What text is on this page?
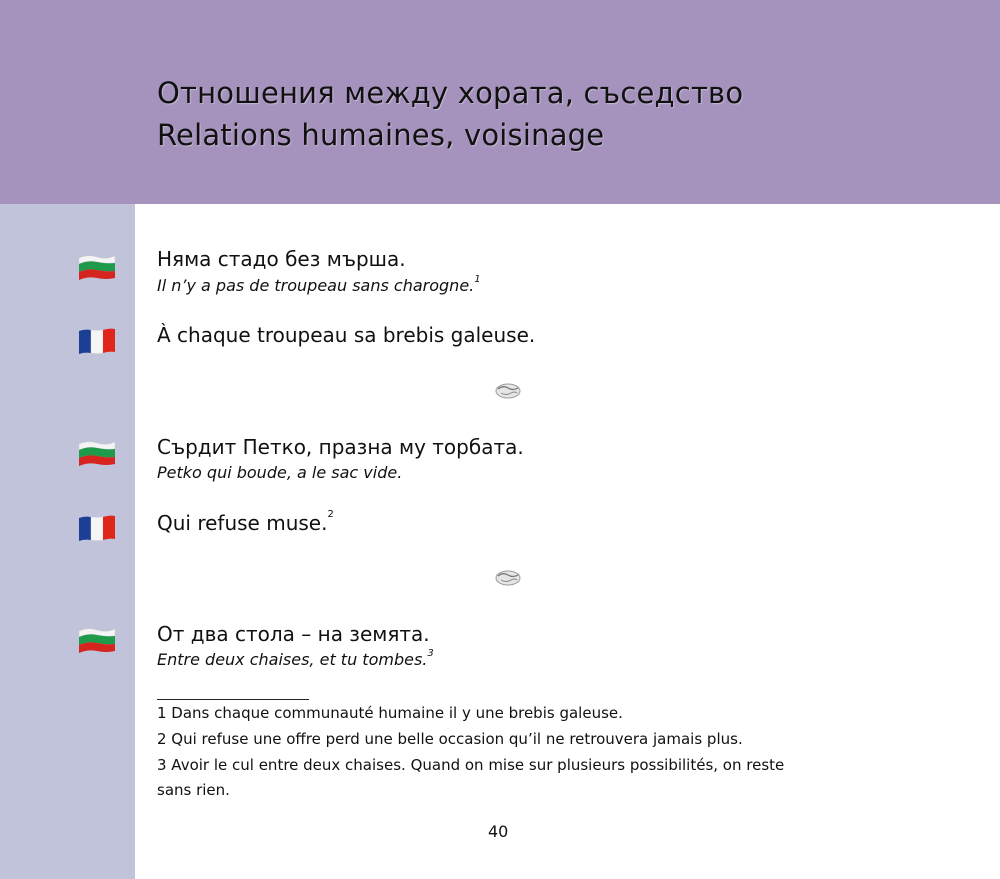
Отношения между хората, съседство
Relations humaines, voisinage
Няма стадо без мърша.
Il n’y a pas de troupeau sans charogne.$^1$
À chaque troupeau sa brebis galeuse.
Сърдит Петко, празна му торбата.
Petko qui boude, a le sac vide.
Qui refuse muse.$^2$
От два стола – на земята.
Entre deux chaises, et tu tombes.$^3$
1 Dans chaque communauté humaine il y une brebis galeuse.
2 Qui refuse une offre perd une belle occasion qu’il ne retrouvera jamais plus.
3 Avoir le cul entre deux chaises. Quand on mise sur plusieurs possibilités, on reste
sans rien.
40
